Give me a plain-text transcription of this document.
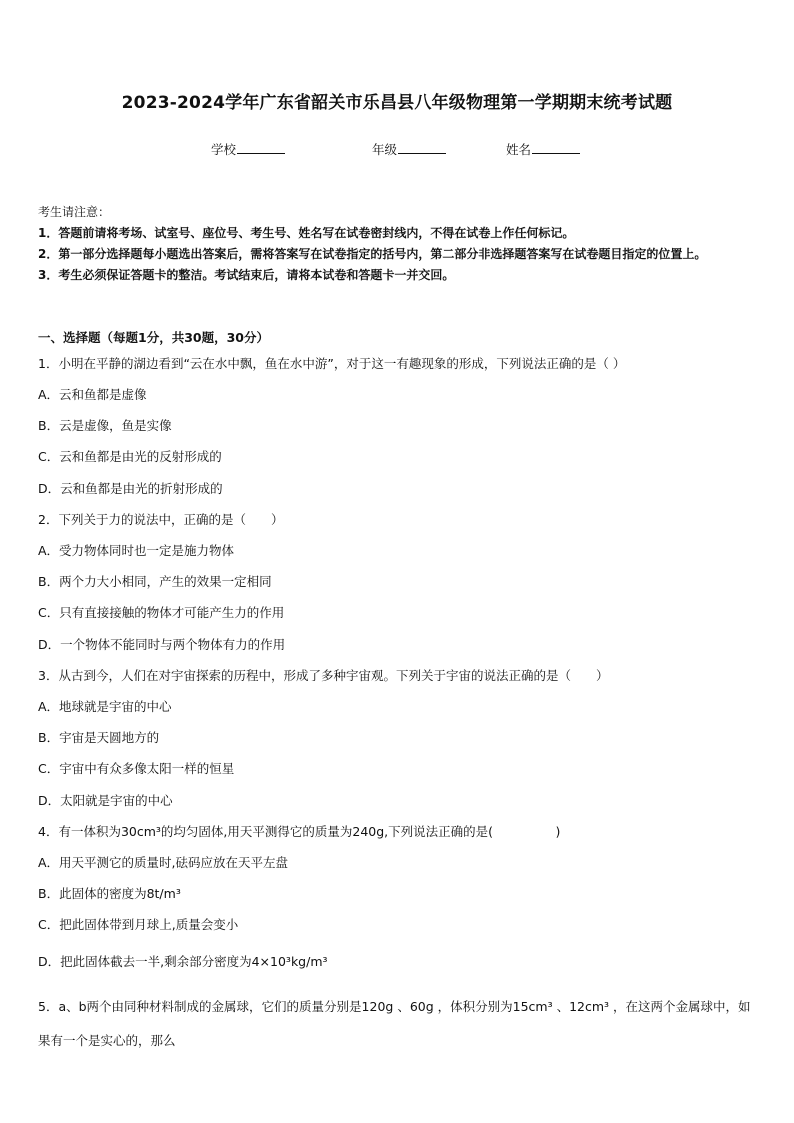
2023-2024学年广东省韶关市乐昌县八年级物理第一学期期末统考试题
学校	年级	姓名
考生请注意：
1．答题前请将考场、试室号、座位号、考生号、姓名写在试卷密封线内，不得在试卷上作任何标记。
2．第一部分选择题每小题选出答案后，需将答案写在试卷指定的括号内，第二部分非选择题答案写在试卷题目指定的位置上。
3．考生必须保证答题卡的整洁。考试结束后，请将本试卷和答题卡一并交回。
一、选择题（每题1分，共30题，30分）
1．小明在平静的湖边看到“云在水中飘，鱼在水中游”，对于这一有趣现象的形成，下列说法正确的是（ ）
A．云和鱼都是虚像
B．云是虚像，鱼是实像
C．云和鱼都是由光的反射形成的
D．云和鱼都是由光的折射形成的
2．下列关于力的说法中，正确的是（　　）
A．受力物体同时也一定是施力物体
B．两个力大小相同，产生的效果一定相同
C．只有直接接触的物体才可能产生力的作用
D．一个物体不能同时与两个物体有力的作用
3．从古到今，人们在对宇宙探索的历程中，形成了多种宇宙观。下列关于宇宙的说法正确的是（　　）
A．地球就是宇宙的中心
B．宇宙是天圆地方的
C．宇宙中有众多像太阳一样的恒星
D．太阳就是宇宙的中心
4．有一体积为30cm³的均匀固体,用天平测得它的质量为240g,下列说法正确的是(　　　　　)
A．用天平测它的质量时,砝码应放在天平左盘
B．此固体的密度为8t/m³
C．把此固体带到月球上,质量会变小
D．把此固体截去一半,剩余部分密度为4×10³kg/m³
5．a、b两个由同种材料制成的金属球，它们的质量分别是120g 、60g ，体积分别为15cm³ 、12cm³ ，在这两个金属球中，如果有一个是实心的，那么
